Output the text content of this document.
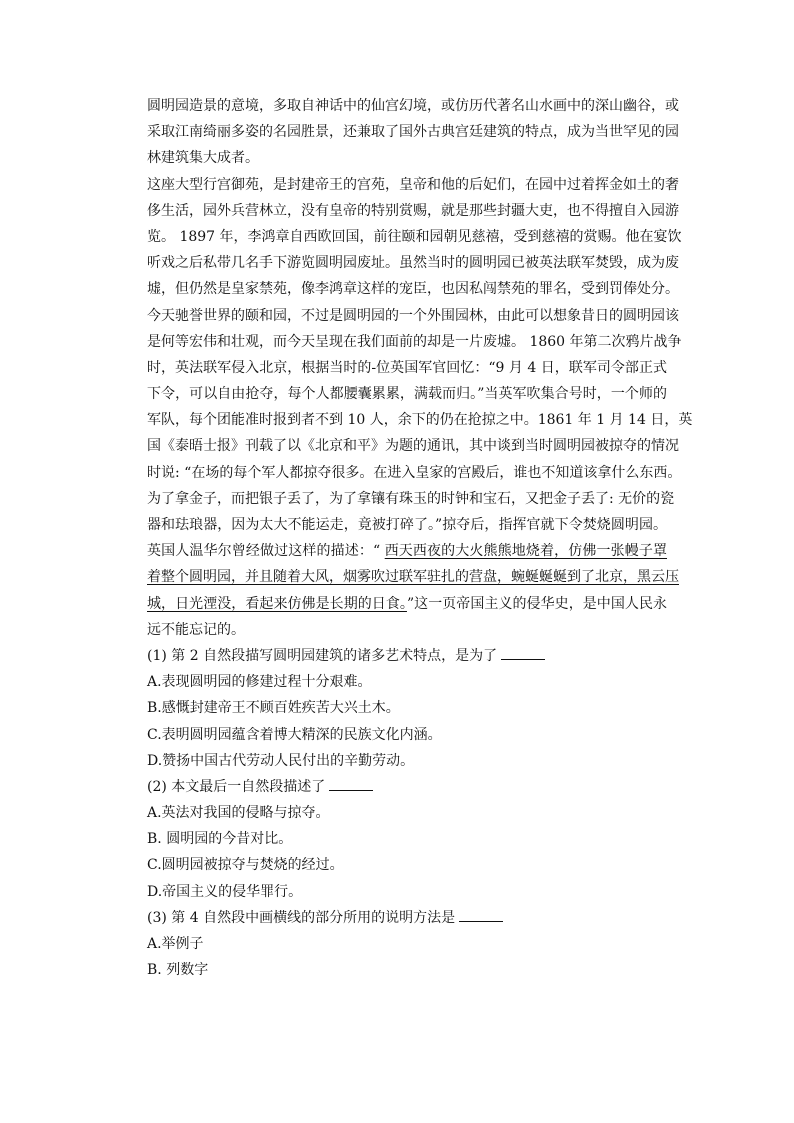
圆明园造景的意境，多取自神话中的仙宫幻境，或仿历代著名山水画中的深山幽谷，或
采取江南绮丽多姿的名园胜景，还兼取了国外古典宫廷建筑的特点，成为当世罕见的园
林建筑集大成者。
这座大型行宫御苑，是封建帝王的宫苑，皇帝和他的后妃们，在园中过着挥金如土的奢
侈生活，园外兵营林立，没有皇帝的特别赏赐，就是那些封疆大吏，也不得擅自入园游
览。 1897 年，李鸿章自西欧回国，前往颐和园朝见慈禧，受到慈禧的赏赐。他在宴饮
听戏之后私带几名手下游览圆明园废址。虽然当时的圆明园已被英法联军焚毁，成为废
墟，但仍然是皇家禁苑，像李鸿章这样的宠臣，也因私闯禁苑的罪名，受到罚俸处分。
今天驰誉世界的颐和园，不过是圆明园的一个外围园林，由此可以想象昔日的圆明园该
是何等宏伟和壮观，而今天呈现在我们面前的却是一片废墟。 1860 年第二次鸦片战争
时，英法联军侵入北京，根据当时的-位英国军官回忆：“9 月 4 日，联军司令部正式
下令，可以自由抢夺，每个人都腰囊累累，满载而归。”当英军吹集合号时，一个师的
军队，每个团能准时报到者不到 10 人，余下的仍在抢掠之中。1861 年 1 月 14 日，英
国《泰晤士报》刊载了以《北京和平》为题的通讯，其中谈到当时圆明园被掠夺的情况
时说: “在场的每个军人都掠夺很多。在进入皇家的宫殿后，谁也不知道该拿什么东西。
为了拿金子，而把银子丢了，为了拿镶有珠玉的时钟和宝石，又把金子丢了: 无价的瓷
器和珐琅器，因为太大不能运走，竟被打碎了。”掠夺后，指挥官就下令焚烧圆明园。
英国人温华尔曾经做过这样的描述：“ 西天西夜的大火熊熊地烧着，仿佛一张幔子罩
着整个圆明园，并且随着大风，烟雾吹过联军驻扎的营盘，蜿蜒蜒蜒到了北京，黑云压
城，日光湮没，看起来仿佛是长期的日食。”这一页帝国主义的侵华史，是中国人民永
远不能忘记的。
(1) 第 2 自然段描写圆明园建筑的诸多艺术特点，是为了
A.表现圆明园的修建过程十分艰难。
B.感慨封建帝王不顾百姓疾苦大兴土木。
C.表明圆明园蕴含着博大精深的民族文化内涵。
D.赞扬中国古代劳动人民付出的辛勤劳动。
(2) 本文最后一自然段描述了
A.英法对我国的侵略与掠夺。
B. 圆明园的今昔对比。
C.圆明园被掠夺与焚烧的经过。
D.帝国主义的侵华罪行。
(3) 第 4 自然段中画横线的部分所用的说明方法是
A.举例子
B. 列数字
